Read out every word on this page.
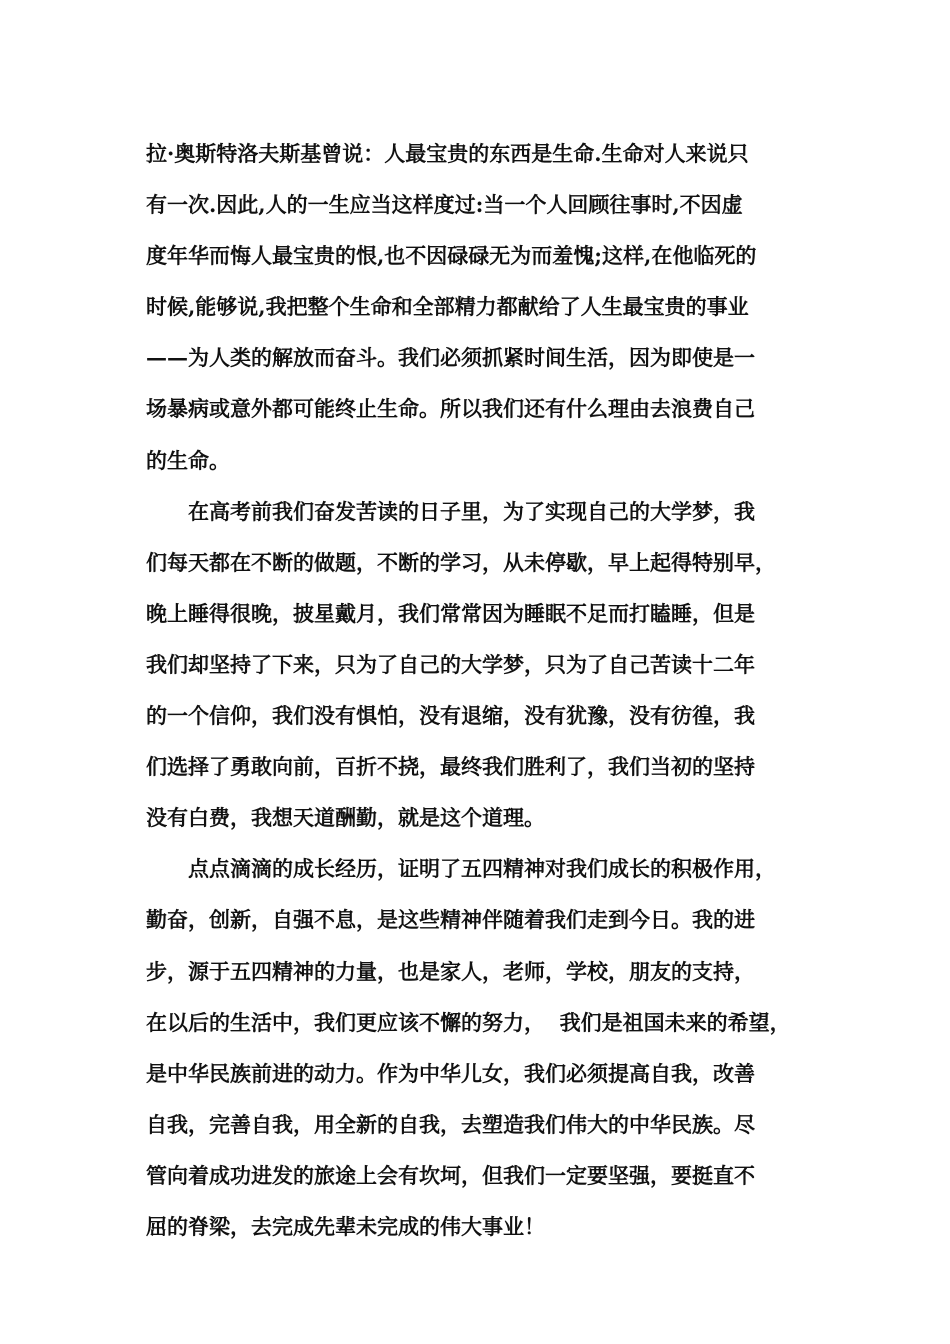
拉·奥斯特洛夫斯基曾说：人最宝贵的东西是生命.生命对人来说只
有一次.因此,人的一生应当这样度过:当一个人回顾往事时,不因虚
度年华而悔人最宝贵的恨,也不因碌碌无为而羞愧;这样,在他临死的
时候,能够说,我把整个生命和全部精力都献给了人生最宝贵的事业
——为人类的解放而奋斗。我们必须抓紧时间生活，因为即使是一
场暴病或意外都可能终止生命。所以我们还有什么理由去浪费自己
的生命。
在高考前我们奋发苦读的日子里，为了实现自己的大学梦，我
们每天都在不断的做题，不断的学习，从未停歇，早上起得特别早，
晚上睡得很晚，披星戴月，我们常常因为睡眠不足而打瞌睡，但是
我们却坚持了下来，只为了自己的大学梦，只为了自己苦读十二年
的一个信仰，我们没有惧怕，没有退缩，没有犹豫，没有彷徨，我
们选择了勇敢向前，百折不挠，最终我们胜利了，我们当初的坚持
没有白费，我想天道酬勤，就是这个道理。
点点滴滴的成长经历，证明了五四精神对我们成长的积极作用，
勤奋，创新，自强不息，是这些精神伴随着我们走到今日。我的进
步，源于五四精神的力量，也是家人，老师，学校，朋友的支持，
在以后的生活中，我们更应该不懈的努力，  我们是祖国未来的希望，
是中华民族前进的动力。作为中华儿女，我们必须提高自我，改善
自我，完善自我，用全新的自我，去塑造我们伟大的中华民族。尽
管向着成功进发的旅途上会有坎坷，但我们一定要坚强，要挺直不
屈的脊梁，去完成先辈未完成的伟大事业！
